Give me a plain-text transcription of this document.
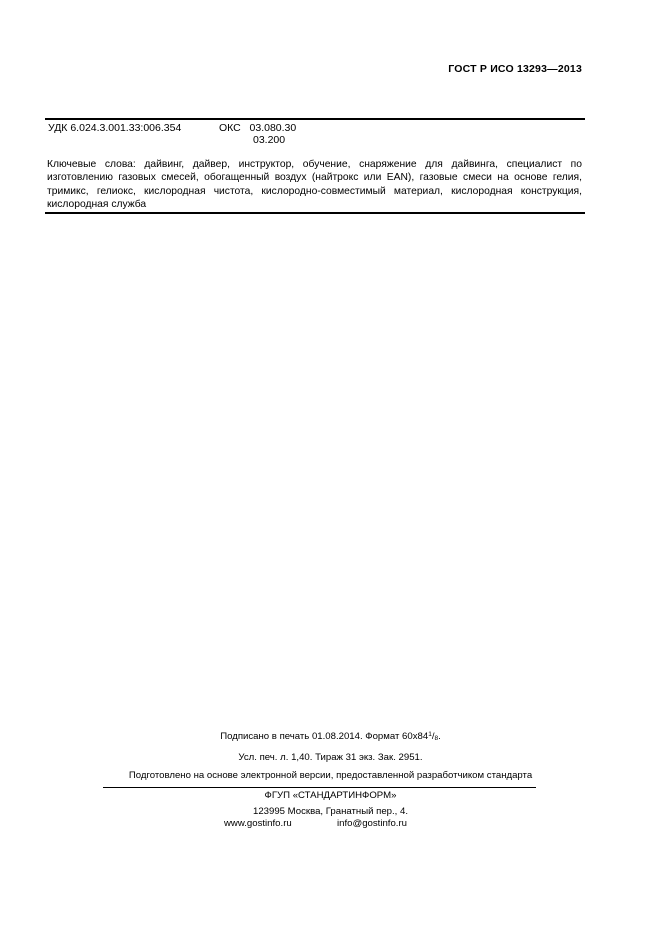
ГОСТ Р ИСО 13293—2013
УДК 6.024.3.001.33:006.354	ОКС 03.080.30
03.200
Ключевые слова: дайвинг, дайвер, инструктор, обучение, снаряжение для дайвинга, специалист по изготовлению газовых смесей, обогащенный воздух (найтрокс или EAN), газовые смеси на основе гелия, тримикс, гелиокс, кислородная чистота, кислородно-совместимый материал, кислородная конструкция, кислородная служба
Подписано в печать 01.08.2014. Формат $60x84^1/_8$.
Усл. печ. л. 1,40. Тираж 31 экз. Зак. 2951.
Подготовлено на основе электронной версии, предоставленной разработчиком стандарта
ФГУП «СТАНДАРТИНФОРМ»
123995 Москва, Гранатный пер., 4.
www.gostinfo.ru	info@gostinfo.ru
